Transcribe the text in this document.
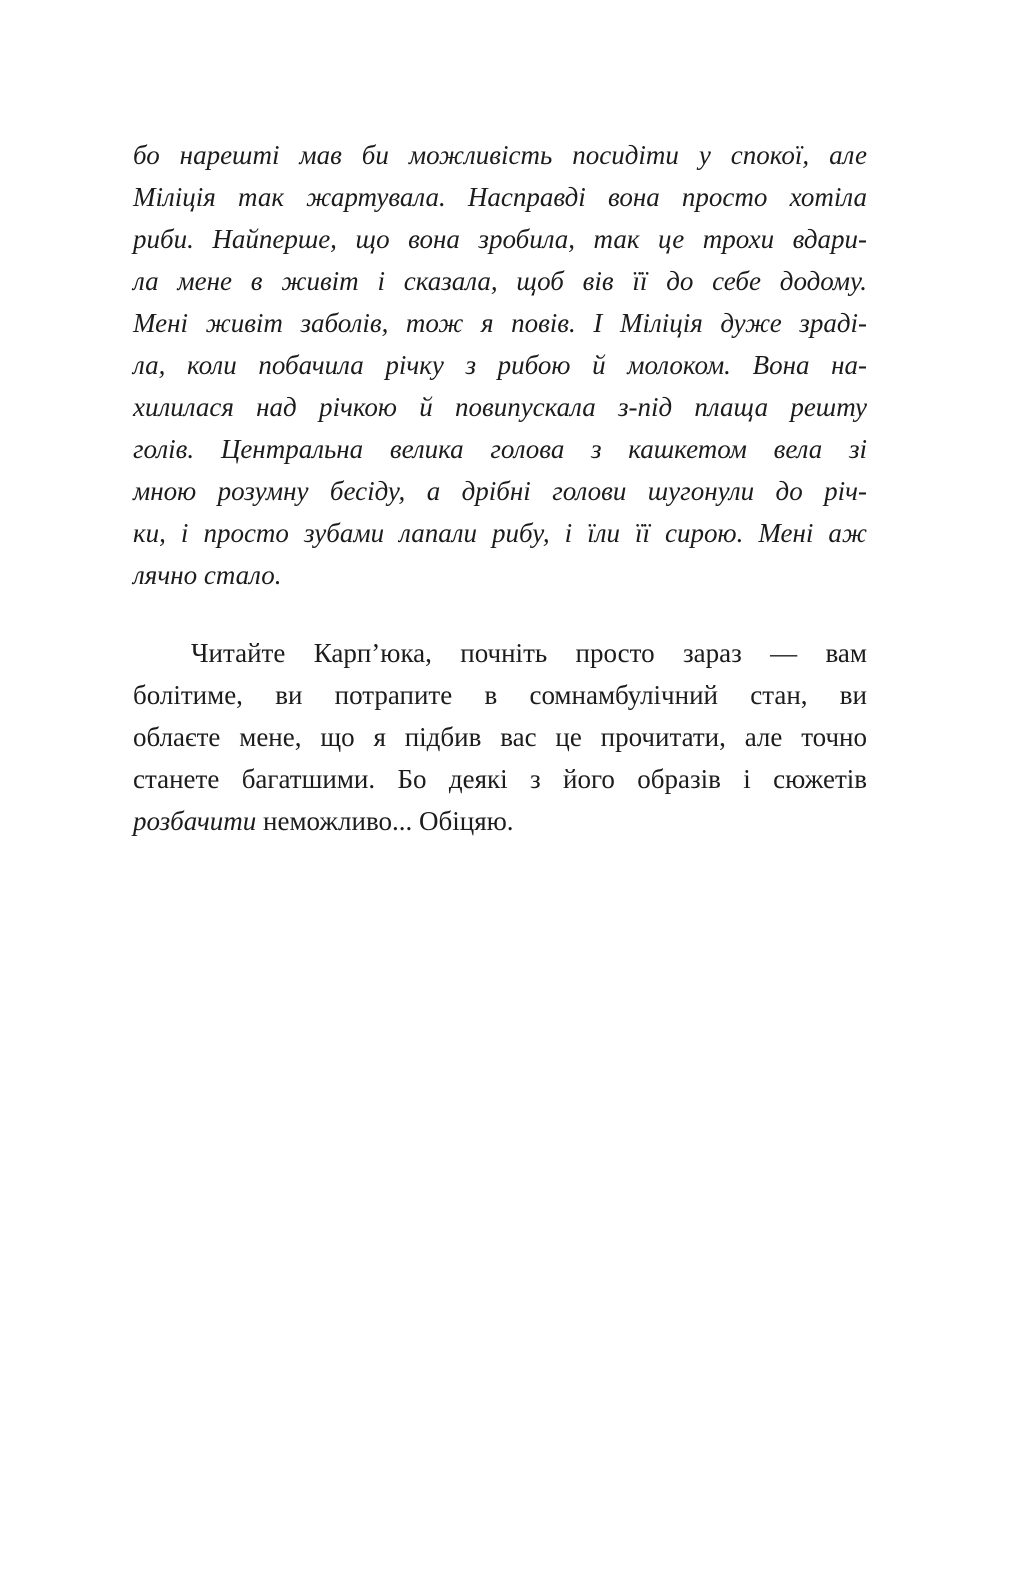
бо нарешті мав би можливість посидіти у спокої, але
Міліція так жартувала. Насправді вона просто хотіла
риби. Найперше, що вона зробила, так це трохи вдари-
ла мене в живіт і сказала, щоб вів її до себе додому.
Мені живіт заболів, тож я повів. І Міліція дуже зраді-
ла, коли побачила річку з рибою й молоком. Вона на-
хилилася над річкою й повипускала з-під плаща решту
голів. Центральна велика голова з кашкетом вела зі
мною розумну бесіду, а дрібні голови шугонули до річ-
ки, і просто зубами лапали рибу, і їли її сирою. Мені аж
лячно стало.
Читайте Карп’юка, почніть просто зараз — вам
болітиме, ви потрапите в сомнамбулічний стан, ви
облаєте мене, що я підбив вас це прочитати, але точно
станете багатшими. Бо деякі з його образів і сюжетів
розбачити неможливо... Обіцяю.
